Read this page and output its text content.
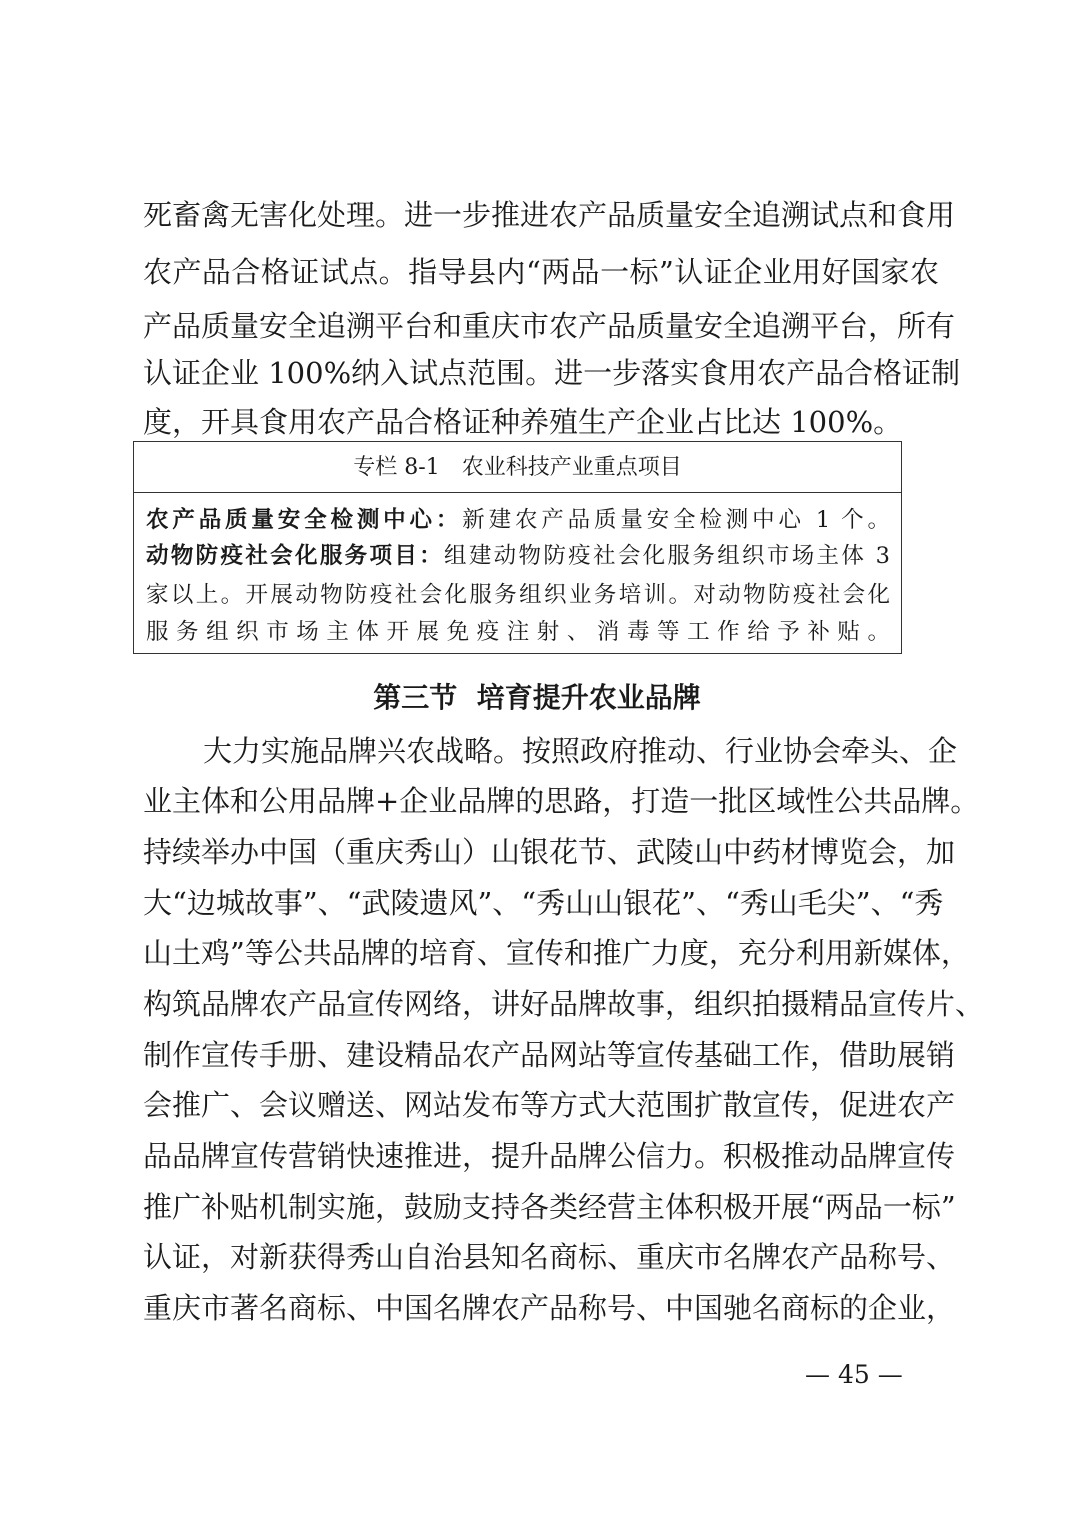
死畜禽无害化处理。进一步推进农产品质量安全追溯试点和食用
农产品合格证试点。指导县内“两品一标”认证企业用好国家农
产品质量安全追溯平台和重庆市农产品质量安全追溯平台，所有
认证企业 100%纳入试点范围。进一步落实食用农产品合格证制
度，开具食用农产品合格证种养殖生产企业占比达 100%。
专栏 8-1　农业科技产业重点项目
农产品质量安全检测中心：新建农产品质量安全检测中心 1 个。
动物防疫社会化服务项目：组建动物防疫社会化服务组织市场主体 3
家以上。开展动物防疫社会化服务组织业务培训。对动物防疫社会化
服务组织市场主体开展免疫注射、消毒等工作给予补贴。
第三节  培育提升农业品牌
大力实施品牌兴农战略。按照政府推动、行业协会牵头、企
业主体和公用品牌+企业品牌的思路，打造一批区域性公共品牌。
持续举办中国（重庆秀山）山银花节、武陵山中药材博览会，加
大“边城故事”、“武陵遗风”、“秀山山银花”、“秀山毛尖”、“秀
山土鸡”等公共品牌的培育、宣传和推广力度，充分利用新媒体，
构筑品牌农产品宣传网络，讲好品牌故事，组织拍摄精品宣传片、
制作宣传手册、建设精品农产品网站等宣传基础工作，借助展销
会推广、会议赠送、网站发布等方式大范围扩散宣传，促进农产
品品牌宣传营销快速推进，提升品牌公信力。积极推动品牌宣传
推广补贴机制实施，鼓励支持各类经营主体积极开展“两品一标”
认证，对新获得秀山自治县知名商标、重庆市名牌农产品称号、
重庆市著名商标、中国名牌农产品称号、中国驰名商标的企业，
— 45 —
